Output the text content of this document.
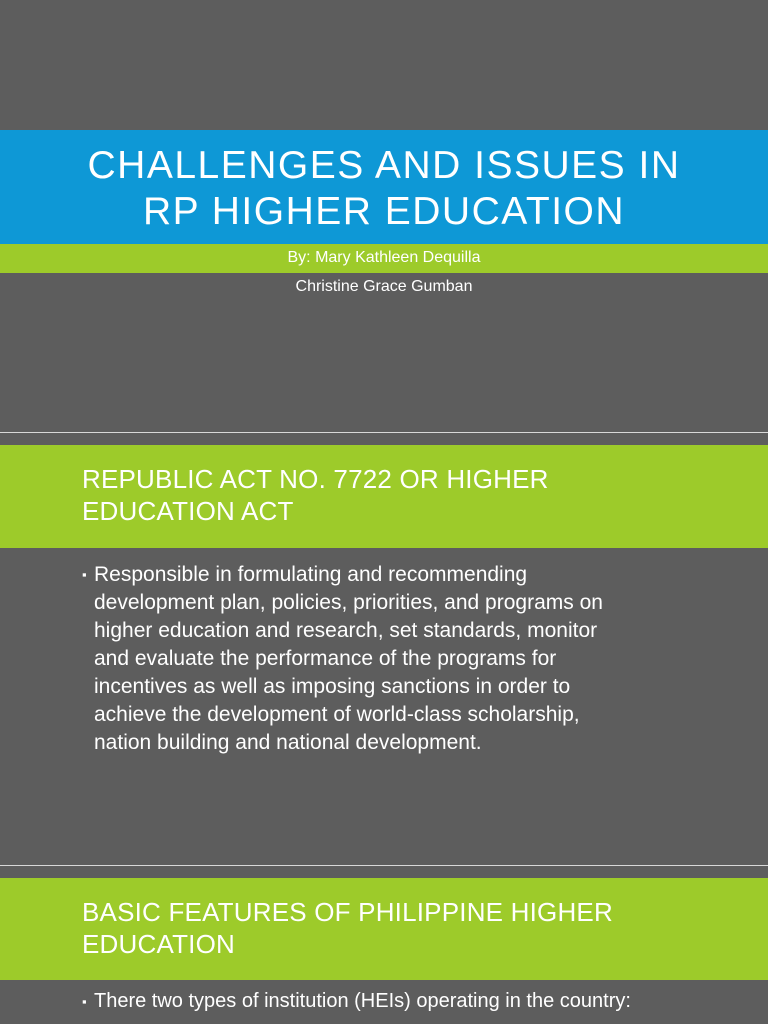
CHALLENGES AND ISSUES IN
RP HIGHER EDUCATION
By: Mary Kathleen Dequilla
Christine Grace Gumban
REPUBLIC ACT NO. 7722 OR HIGHER
EDUCATION ACT
▪ Responsible in formulating and recommending
development plan, policies, priorities, and programs on
higher education and research, set standards, monitor
and evaluate the performance of the programs for
incentives as well as imposing sanctions in order to
achieve the development of world-class scholarship,
nation building and national development.
BASIC FEATURES OF PHILIPPINE HIGHER
EDUCATION
▪ There two types of institution (HEIs) operating in the country:
